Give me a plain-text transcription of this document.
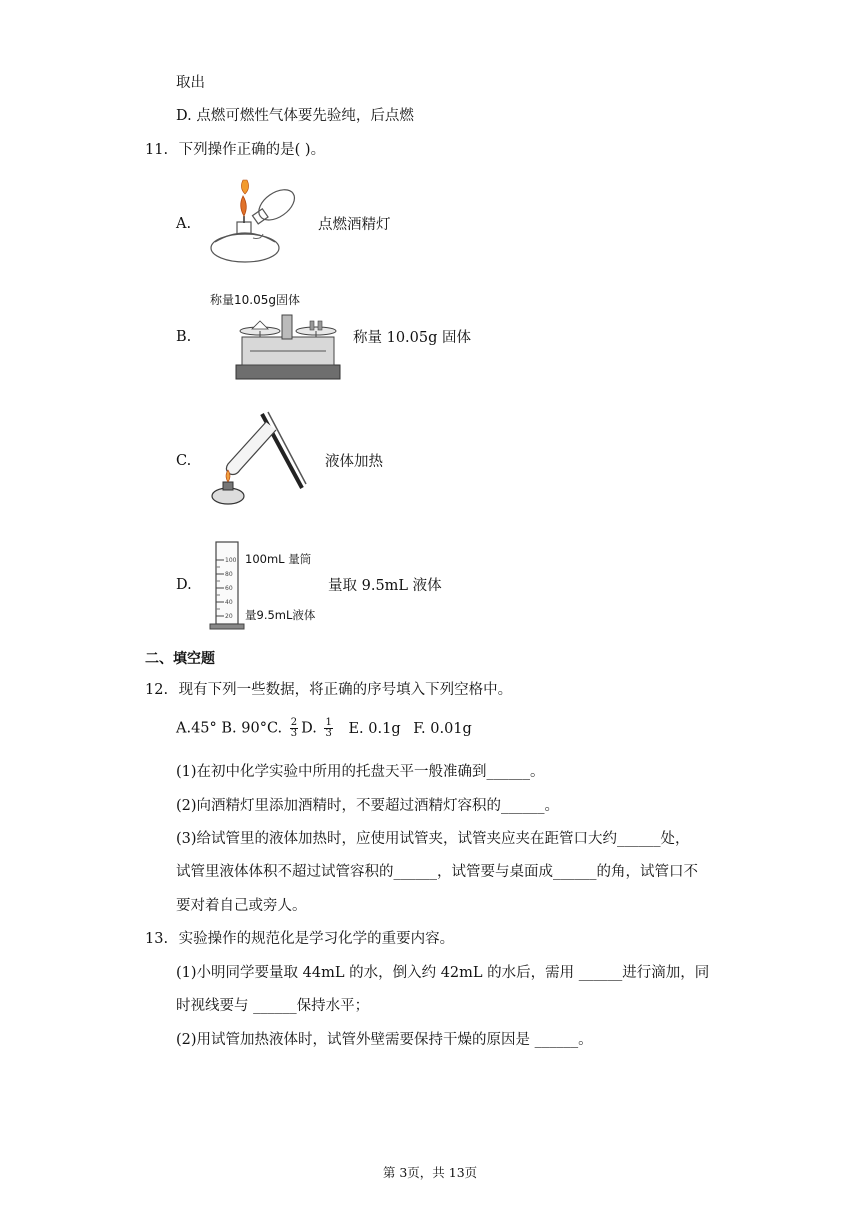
取出
D. 点燃可燃性气体要先验纯，后点燃
11. 下列操作正确的是( )。
A.	点燃酒精灯
B.
称量10.05g固体
称量 10.05g 固体
C.	液体加热
D.
100
80
60
40
20
100mL 量筒
量9.5mL液体
量取 9.5mL 液体
二、填空题
12. 现有下列一些数据，将正确的序号填入下列空格中。
A.45° B. 90°C. $\frac{2}{3} D$. $\frac{1}{3} E$. 0.1g F. 0.01g
(1)在初中化学实验中所用的托盘天平一般准确到______。
(2)向酒精灯里添加酒精时，不要超过酒精灯容积的______。
(3)给试管里的液体加热时，应使用试管夹，试管夹应夹在距管口大约______处，
试管里液体体积不超过试管容积的______，试管要与桌面成______的角，试管口不
要对着自己或旁人。
13. 实验操作的规范化是学习化学的重要内容。
(1)小明同学要量取 44mL 的水，倒入约 42mL 的水后，需用 ______进行滴加，同
时视线要与 ______保持水平；
(2)用试管加热液体时，试管外壁需要保持干燥的原因是 ______。
第 3页，共 13页
